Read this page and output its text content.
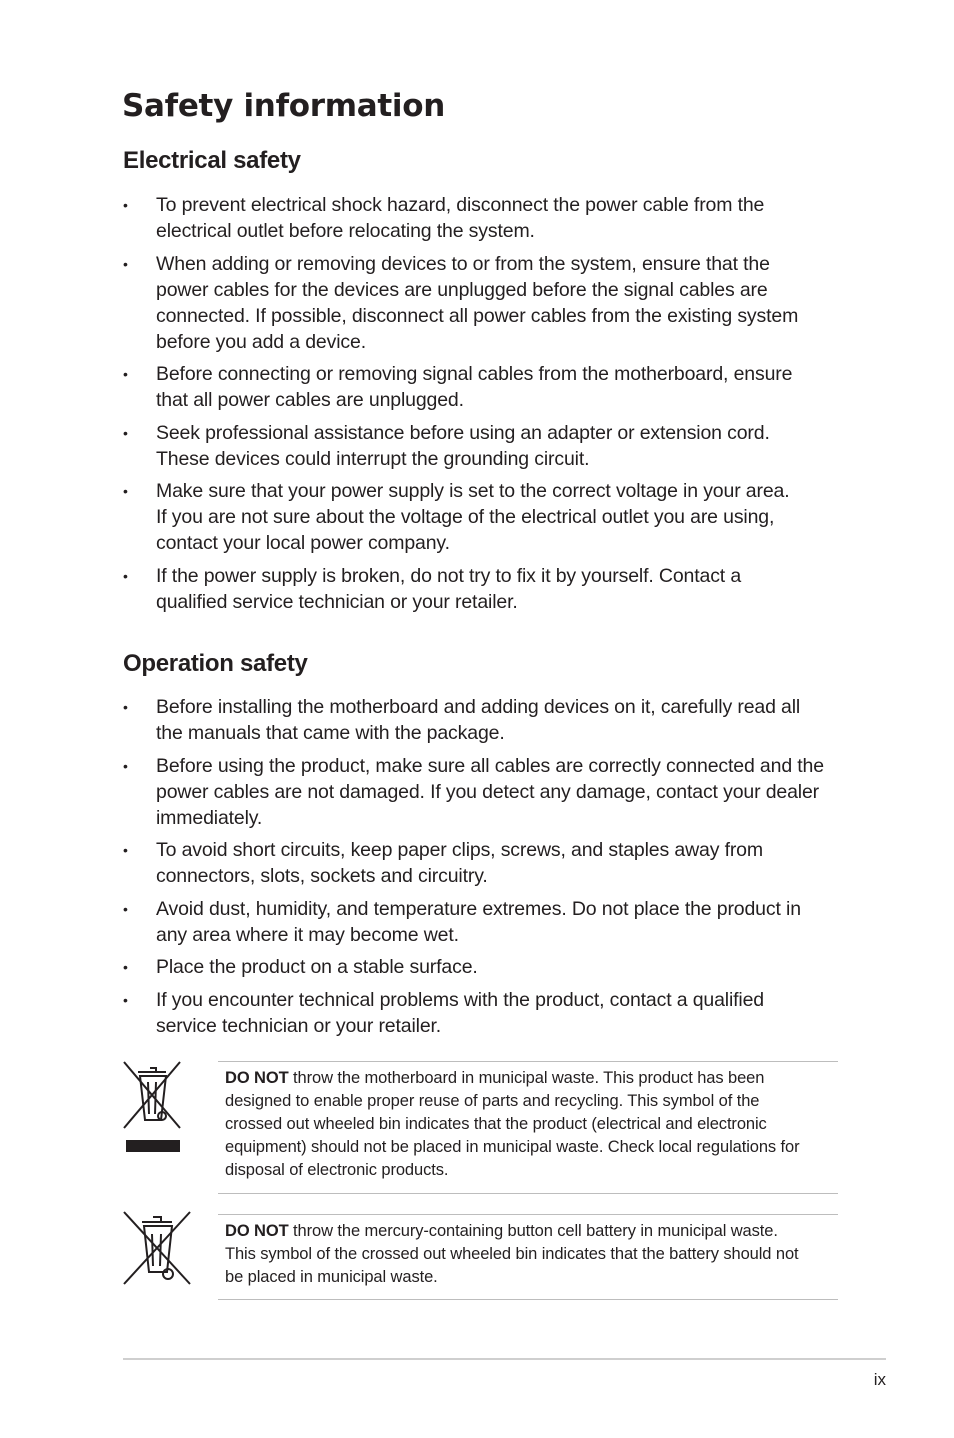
Safety information
Electrical safety
• To prevent electrical shock hazard, disconnect the power cable from the
electrical outlet before relocating the system.
• When adding or removing devices to or from the system, ensure that the
power cables for the devices are unplugged before the signal cables are
connected. If possible, disconnect all power cables from the existing system
before you add a device.
• Before connecting or removing signal cables from the motherboard, ensure
that all power cables are unplugged.
• Seek professional assistance before using an adapter or extension cord.
These devices could interrupt the grounding circuit.
• Make sure that your power supply is set to the correct voltage in your area.
If you are not sure about the voltage of the electrical outlet you are using,
contact your local power company.
• If the power supply is broken, do not try to fix it by yourself. Contact a
qualified service technician or your retailer.
Operation safety
• Before installing the motherboard and adding devices on it, carefully read all
the manuals that came with the package.
• Before using the product, make sure all cables are correctly connected and the
power cables are not damaged. If you detect any damage, contact your dealer
immediately.
• To avoid short circuits, keep paper clips, screws, and staples away from
connectors, slots, sockets and circuitry.
• Avoid dust, humidity, and temperature extremes. Do not place the product in
any area where it may become wet.
• Place the product on a stable surface.
• If you encounter technical problems with the product, contact a qualified
service technician or your retailer.
DO NOT throw the motherboard in municipal waste. This product has been
designed to enable proper reuse of parts and recycling. This symbol of the
crossed out wheeled bin indicates that the product (electrical and electronic
equipment) should not be placed in municipal waste. Check local regulations for
disposal of electronic products.
DO NOT throw the mercury-containing button cell battery in municipal waste.
This symbol of the crossed out wheeled bin indicates that the battery should not
be placed in municipal waste.
ix
